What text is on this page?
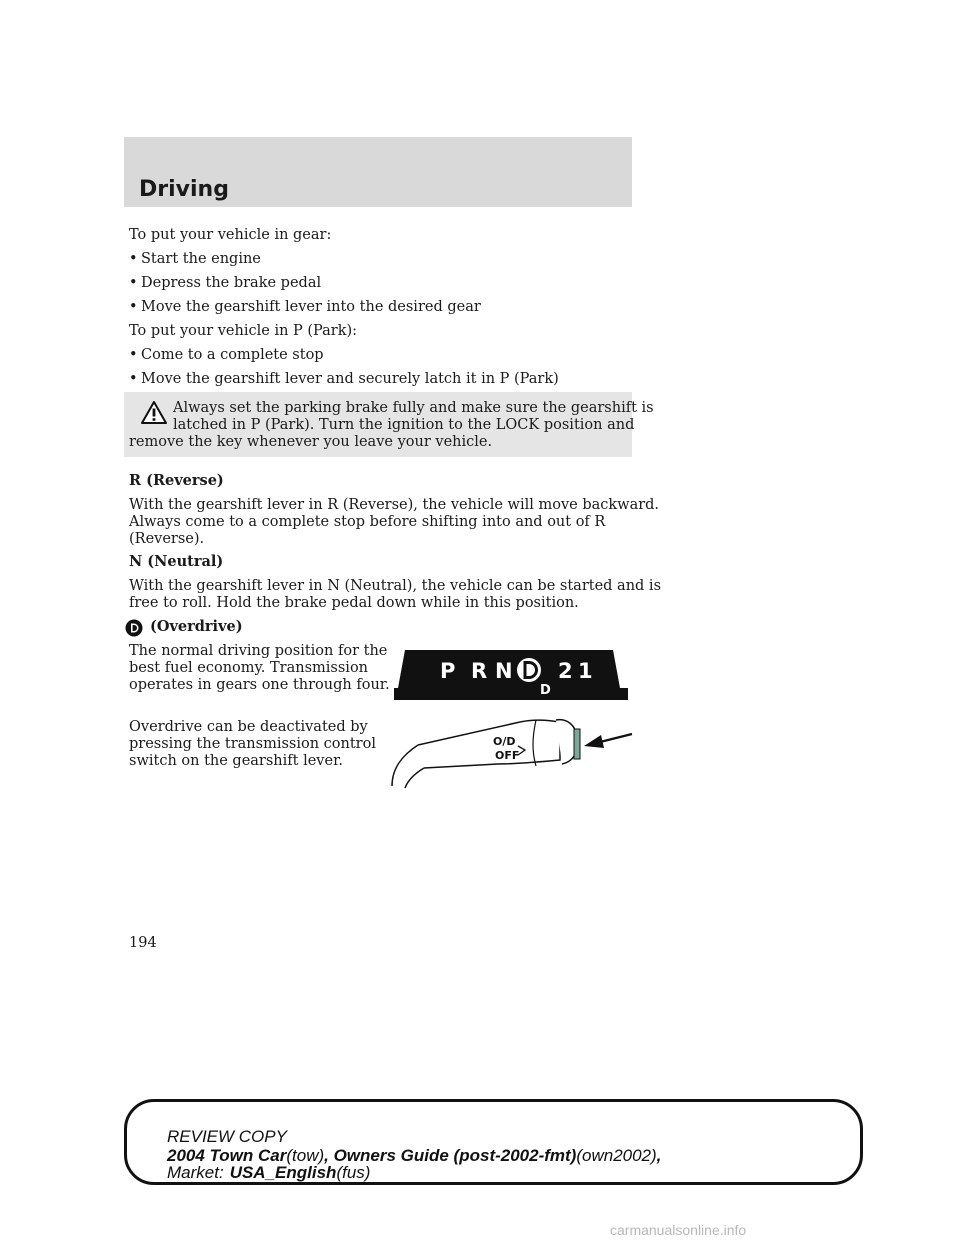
Driving
To put your vehicle in gear:
• Start the engine
• Depress the brake pedal
• Move the gearshift lever into the desired gear
To put your vehicle in P (Park):
• Come to a complete stop
• Move the gearshift lever and securely latch it in P (Park)
Always set the parking brake fully and make sure the gearshift is
latched in P (Park). Turn the ignition to the LOCK position and
remove the key whenever you leave your vehicle.
R (Reverse)
With the gearshift lever in R (Reverse), the vehicle will move backward.
Always come to a complete stop before shifting into and out of R
(Reverse).
N (Neutral)
With the gearshift lever in N (Neutral), the vehicle can be started and is
free to roll. Hold the brake pedal down while in this position.
(Overdrive)
The normal driving position for the
best fuel economy. Transmission
operates in gears one through four.
Overdrive can be deactivated by
pressing the transmission control
switch on the gearshift lever.
P R N 2 1
D
O/D
OFF
194
REVIEW COPY
2004 Town Car(tow), Owners Guide (post-2002-fmt)(own2002),
Market: USA_English(fus)
carmanualsonline.info
